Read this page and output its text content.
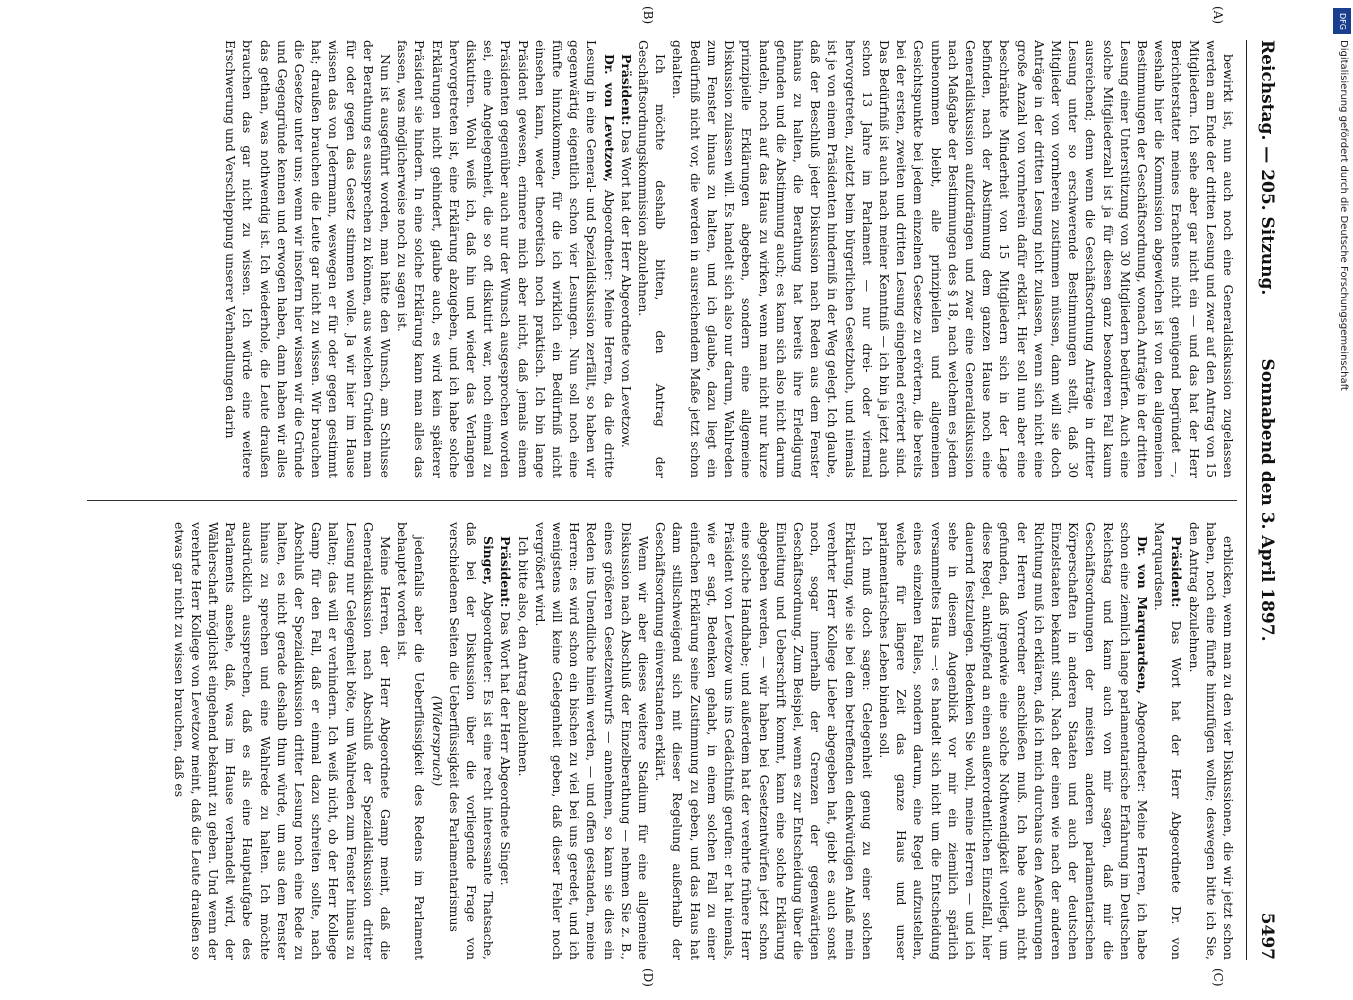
Reichstag. — 205. Sitzung.
Sonnabend den 3. April 1897.
5497
(A)
(B)
(C)
(D)

bewirkt ist, nun auch noch eine Generaldiskussion zugelassen werden am Ende der dritten Lesung und zwar auf den Antrag von 15 Mitgliedern. Ich sehe aber gar nicht ein — und das hat der Herr Berichterstatter meines Erachtens nicht genügend begründet —, weshalb hier die Kommission abgewichen ist von den allgemeinen Bestimmungen der Geschäftsordnung, wonach Anträge in der dritten Lesung einer Unterstützung von 30 Mitgliedern bedürfen. Auch eine solche Mitgliederzahl ist ja für diesen ganz besonderen Fall kaum ausreichend; denn wenn die Geschäftsordnung Anträge in dritter Lesung unter so erschwerende Bestimmungen stellt, daß 30 Mitglieder von vornherein zustimmen müssen, dann will sie doch Anträge in der dritten Lesung nicht zulassen, wenn sich nicht eine große Anzahl von vornherein dafür erklärt. Hier soll nun aber eine beschränkte Minderheit von 15 Mitgliedern sich in der Lage befinden, nach der Abstimmung dem ganzen Hause noch eine Generaldiskussion aufzudrängen und zwar eine Generaldiskussion nach Maßgabe der Bestimmungen des § 18, nach welchem es jedem unbenommen bleibt, alle prinzipiellen und allgemeinen Gesichtspunkte bei jedem einzelnen Gesetze zu erörtern, die bereits bei der ersten, zweiten und dritten Lesung eingehend erörtert sind. Das Bedürfniß ist auch nach meiner Kenntniß — ich bin ja jetzt auch schon 13 Jahre im Parlament — nur drei- oder viermal hervorgetreten, zuletzt beim bürgerlichen Gesetzbuch, und niemals ist je von einem Präsidenten hinderniß in der Weg gelegt. Ich glaube, daß der Beschluß jeder Diskussion nach Reden aus dem Fenster hinaus zu halten, die Berathung hat bereits ihre Erledigung gefunden und die Abstimmung auch; es kann sich also nicht darum handeln, noch auf das Haus zu wirken, wenn man nicht nur kurze prinzipielle Erklärungen abgeben, sondern eine allgemeine Diskussion zulassen will. Es handelt sich also nur darum, Wahlreden zum Fenster hinaus zu halten, und ich glaube, dazu liegt ein Bedürfniß nicht vor, die werden in ausreichendem Maße jetzt schon gehalten.

Ich möchte deshalb bitten, den Antrag der Geschäftsordnungskommission abzulehnen.

Präsident: Das Wort hat der Herr Abgeordnete von Levetzow.

Dr. von Levetzow, Abgeordneter: Meine Herren, da die dritte Lesung in eine General- und Spezialdiskussion zerfällt, so haben wir gegenwärtig eigentlich schon vier Lesungen. Nun soll noch eine fünfte hinzukommen, für die ich wirklich ein Bedürfniß nicht einsehen kann, weder theoretisch noch praktisch. Ich bin lange Präsident gewesen, erinnere mich aber nicht, daß jemals einem Präsidenten gegenüber auch nur der Wunsch ausgesprochen worden sei, eine Angelegenheit, die so oft diskutirt war, noch einmal zu diskutiren. Wohl weiß ich, daß hin und wieder das Verlangen hervorgetreten ist, eine Erklärung abzugeben, und ich habe solche Erklärungen nicht gehindert, glaube auch, es wird kein späterer Präsident sie hindern. In eine solche Erklärung kann man alles das fassen, was möglicherweise noch zu sagen ist.

Nun ist ausgeführt worden, man hätte den Wunsch, am Schlusse der Berathung es aussprechen zu können, aus welchen Gründen man für oder gegen das Gesetz stimmen wolle. Ja wir hier im Hause wissen das von Jedermann, weswegen er für oder gegen gestimmt hat; draußen brauchen die Leute gar nicht zu wissen. Wir brauchen die Gesetze unter uns; wenn wir insofern hier wissen wir die Gründe und Gegengründe kennen und erwogen haben, dann haben wir alles das gethan, was nothwendig ist. Ich wiederhole, die Leute draußen brauchen das gar nicht zu wissen. Ich würde eine weitere Erschwerung und Verschleppung unserer Verhandlungen darin

erblicken, wenn man zu den vier Diskussionen, die wir jetzt schon haben, noch eine fünfte hinzufügen wollte; deswegen bitte ich Sie, den Antrag abzulehnen.

Präsident: Das Wort hat der Herr Abgeordnete Dr. von Marquardsen.

Dr. von Marquardsen, Abgeordneter: Meine Herren, ich habe schon eine ziemlich lange parlamentarische Erfahrung im Deutschen Reichstag und kann auch von mir sagen, daß mir die Geschäftsordnungen der meisten anderen parlamentarischen Körperschaften in anderen Staaten und auch der deutschen Einzelstaaten bekannt sind. Nach der einen wie nach der anderen Richtung muß ich erklären, daß ich mich durchaus den Aeußerungen der Herren Vorredner anschließen muß. Ich habe auch nicht gefunden, daß irgendwie eine solche Nothwendigkeit vorliegt, um diese Regel, anknüpfend an einen außerordentlichen Einzelfall, hier dauernd festzulegen. Bedenken Sie wohl, meine Herren — und ich sehe in diesem Augenblick vor mir ein ziemlich spärlich versammeltes Haus —: es handelt sich nicht um die Entscheidung eines einzelnen Falles, sondern darum, eine Regel aufzustellen, welche für längere Zeit das ganze Haus und unser parlamentarisches Leben binden soll.

Ich muß doch sagen: Gelegenheit genug zu einer solchen Erklärung, wie sie bei dem betreffenden denkwürdigen Anlaß mein verehrter Herr Kollege Lieber abgegeben hat, giebt es auch sonst noch, sogar innerhalb der Grenzen der gegenwärtigen Geschäftsordnung. Zum Beispiel, wenn es zur Entscheidung über die Einleitung und Ueberschrift kommt, kann eine solche Erklärung abgegeben werden, — wir haben bei Gesetzentwürfen jetzt schon eine solche Handhabe; und außerdem hat der verehrte frühere Herr Präsident von Levetzow uns ins Gedächtniß gerufen: er hat niemals, wie er sagt, Bedenken gehabt, in einem solchen Fall zu einer einfachen Erklärung seine Zustimmung zu geben, und das Haus hat dann stillschweigend sich mit dieser Regelung außerhalb der Geschäftsordnung einverstanden erklärt.

Wenn wir aber dieses weitere Stadium für eine allgemeine Diskussion nach Abschluß der Einzelberathung — nehmen Sie z. B., eines größeren Gesetzentwurfs — annehmen, so kann sie dies ein Reden ins Unendliche hinein werden, — und offen gestanden, meine Herren: es wird schon ein bischen zu viel bei uns geredet, und ich wenigstens will keine Gelegenheit geben, daß dieser Fehler noch vergrößert wird.

Ich bitte also, den Antrag abzulehnen.

Präsident: Das Wort hat der Herr Abgeordnete Singer.

Singer, Abgeordneter: Es ist eine recht interessante Thatsache, daß bei der Diskussion über die vorliegende Frage von verschiedenen Seiten die Ueberflüssigkeit des Parlamentarismus

(Widerspruch)

jedenfalls aber die Ueberflüssigkeit des Redens im Parlament behauptet worden ist.

Meine Herren, der Herr Abgeordnete Gamp meint, daß die Generaldiskussion nach Abschluß der Spezialdiskussion dritter Lesung nur Gelegenheit böte, um Wahlreden zum Fenster hinaus zu halten; das will er verhindern. Ich weiß nicht, ob der Herr Kollege Gamp für den Fall, daß er einmal dazu schreiten sollte, nach Abschluß der Spezialdiskussion dritter Lesung noch eine Rede zu halten, es nicht gerade deshalb thun würde, um aus dem Fenster hinaus zu sprechen und eine Wahlrede zu halten. Ich möchte ausdrücklich aussprechen, daß es als eine Hauptaufgabe des Parlaments ansehe, daß, was im Hause verhandelt wird, der Wählerschaft möglichst eingehend bekannt zu geben. Und wenn der verehrte Herr Kollege von Levetzow meint, daß die Leute draußen so etwas gar nicht zu wissen brauchen, daß es

DFG
Digitalisierung gefördert durch die Deutsche Forschungsgemeinschaft
